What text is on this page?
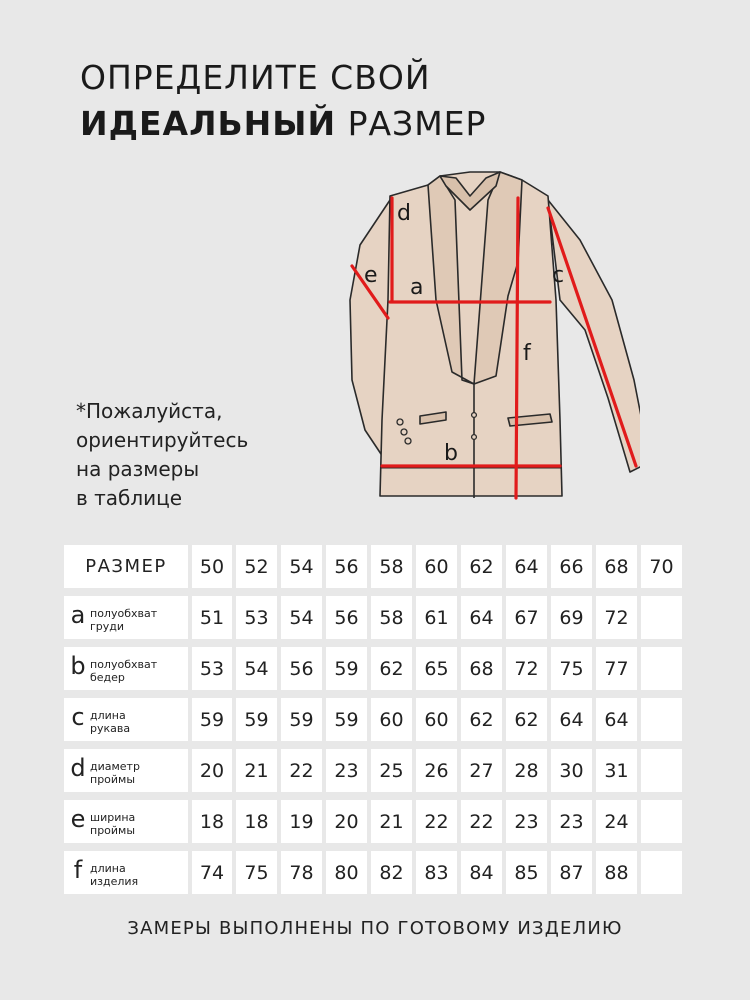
ОПРЕДЕЛИТЕ СВОЙ
ИДЕАЛЬНЫЙ РАЗМЕР
a
b
c
d
e
f
*Пожалуйста,
ориентируйтесь
на размеры
в таблице
РАЗМЕР	50	52	54	56	58	60	62	64	66	68	70
a полуобхват
груди	51	53	54	56	58	61	64	67	69	72
b полуобхват
бедер	53	54	56	59	62	65	68	72	75	77
c длина
рукава	59	59	59	59	60	60	62	62	64	64
d диаметр
проймы	20	21	22	23	25	26	27	28	30	31
e ширина
проймы	18	18	19	20	21	22	22	23	23	24
f длина
изделия	74	75	78	80	82	83	84	85	87	88
ЗАМЕРЫ ВЫПОЛНЕНЫ ПО ГОТОВОМУ ИЗДЕЛИЮ
